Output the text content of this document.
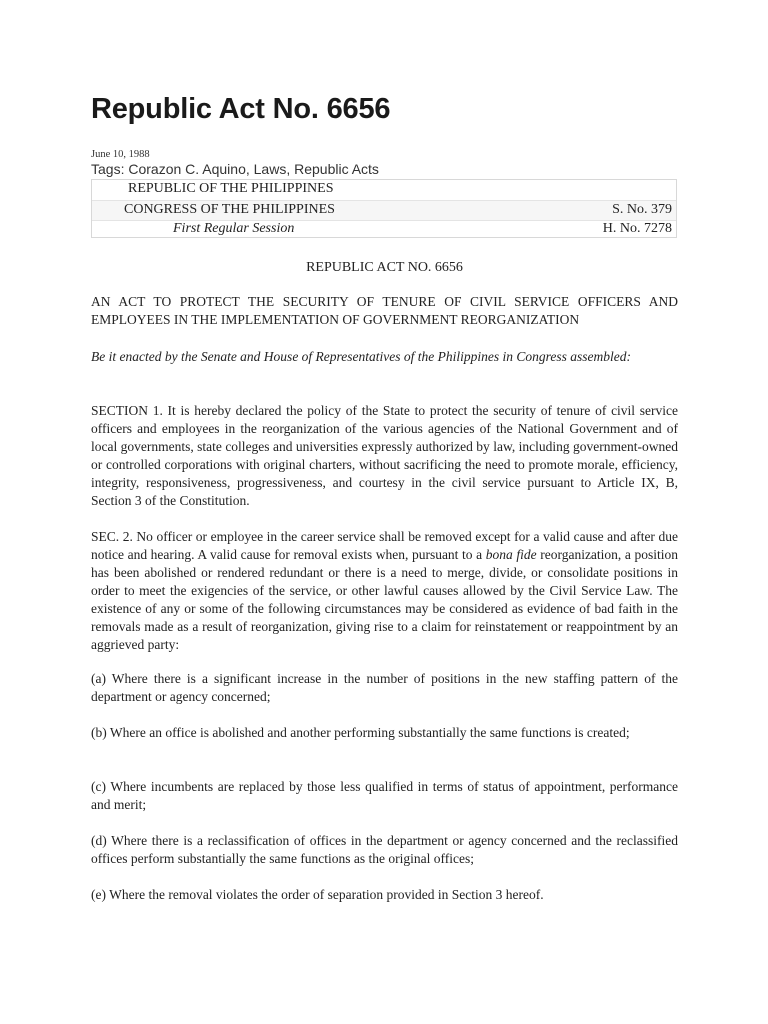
Republic Act No. 6656
June 10, 1988
Tags: Corazon C. Aquino, Laws, Republic Acts
REPUBLIC OF THE PHILIPPINES
CONGRESS OF THE PHILIPPINES	S. No. 379
First Regular Session	H. No. 7278
REPUBLIC ACT NO. 6656

AN ACT TO PROTECT THE SECURITY OF TENURE OF CIVIL SERVICE OFFICERS AND EMPLOYEES IN THE IMPLEMENTATION OF GOVERNMENT REORGANIZATION

Be it enacted by the Senate and House of Representatives of the Philippines in Congress assembled:

SECTION 1. It is hereby declared the policy of the State to protect the security of tenure of civil service officers and employees in the reorganization of the various agencies of the National Government and of local governments, state colleges and universities expressly authorized by law, including government-owned or controlled corporations with original charters, without sacrificing the need to promote morale, efficiency, integrity, responsiveness, progressiveness, and courtesy in the civil service pursuant to Article IX, B, Section 3 of the Constitution.

SEC. 2. No officer or employee in the career service shall be removed except for a valid cause and after due notice and hearing. A valid cause for removal exists when, pursuant to a bona fide reorganization, a position has been abolished or rendered redundant or there is a need to merge, divide, or consolidate positions in order to meet the exigencies of the service, or other lawful causes allowed by the Civil Service Law. The existence of any or some of the following circumstances may be considered as evidence of bad faith in the removals made as a result of reorganization, giving rise to a claim for reinstatement or reappointment by an aggrieved party:

(a) Where there is a significant increase in the number of positions in the new staffing pattern of the department or agency concerned;

(b) Where an office is abolished and another performing substantially the same functions is created;

(c) Where incumbents are replaced by those less qualified in terms of status of appointment, performance and merit;

(d) Where there is a reclassification of offices in the department or agency concerned and the reclassified offices perform substantially the same functions as the original offices;

(e) Where the removal violates the order of separation provided in Section 3 hereof.
